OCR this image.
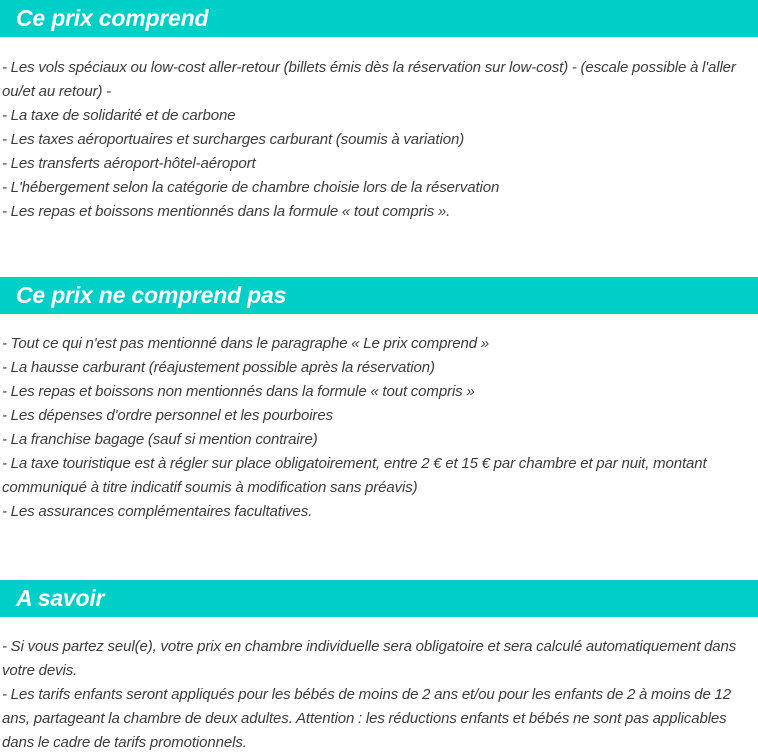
Ce prix comprend
- Les vols spéciaux ou low-cost aller-retour (billets émis dès la réservation sur low-cost) - (escale possible à l'aller ou/et au retour) -
- La taxe de solidarité et de carbone
- Les taxes aéroportuaires et surcharges carburant (soumis à variation)
- Les transferts aéroport-hôtel-aéroport
- L'hébergement selon la catégorie de chambre choisie lors de la réservation
- Les repas et boissons mentionnés dans la formule « tout compris ».
Ce prix ne comprend pas
- Tout ce qui n'est pas mentionné dans le paragraphe « Le prix comprend »
- La hausse carburant (réajustement possible après la réservation)
- Les repas et boissons non mentionnés dans la formule « tout compris »
- Les dépenses d'ordre personnel et les pourboires
- La franchise bagage (sauf si mention contraire)
- La taxe touristique est à régler sur place obligatoirement, entre 2 € et 15 € par chambre et par nuit, montant communiqué à titre indicatif soumis à modification sans préavis)
- Les assurances complémentaires facultatives.
A savoir
- Si vous partez seul(e), votre prix en chambre individuelle sera obligatoire et sera calculé automatiquement dans votre devis.
- Les tarifs enfants seront appliqués pour les bébés de moins de 2 ans et/ou pour les enfants de 2 à moins de 12 ans, partageant la chambre de deux adultes. Attention : les réductions enfants et bébés ne sont pas applicables dans le cadre de tarifs promotionnels.
